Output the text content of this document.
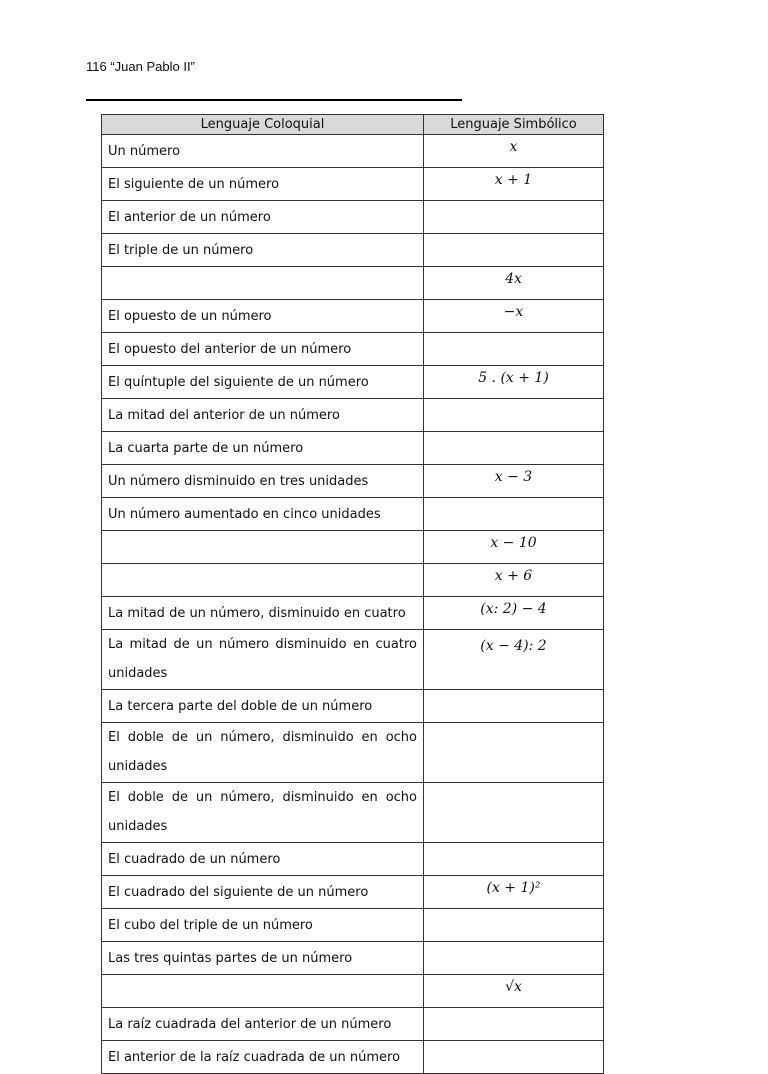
116 “Juan Pablo II”
Lenguaje Coloquial	Lenguaje Simbólico
Un número	x
El siguiente de un número	x + 1
El anterior de un número	
El triple de un número	
	4x
El opuesto de un número	−x
El opuesto del anterior de un número	
El quíntuple del siguiente de un número	5 . (x + 1)
La mitad del anterior de un número	
La cuarta parte de un número	
Un número disminuido en tres unidades	x − 3
Un número aumentado en cinco unidades	
	x − 10
	x + 6
La mitad de un número, disminuido en cuatro	(x: 2) − 4
La mitad de un número disminuido en cuatro unidades	(x − 4): 2
La tercera parte del doble de un número	
El doble de un número, disminuido en ocho unidades	
El doble de un número, disminuido en ocho unidades	
El cuadrado de un número	
El cuadrado del siguiente de un número	(x + 1)²
El cubo del triple de un número	
Las tres quintas partes de un número	
	√x
La raíz cuadrada del anterior de un número	
El anterior de la raíz cuadrada de un número	
